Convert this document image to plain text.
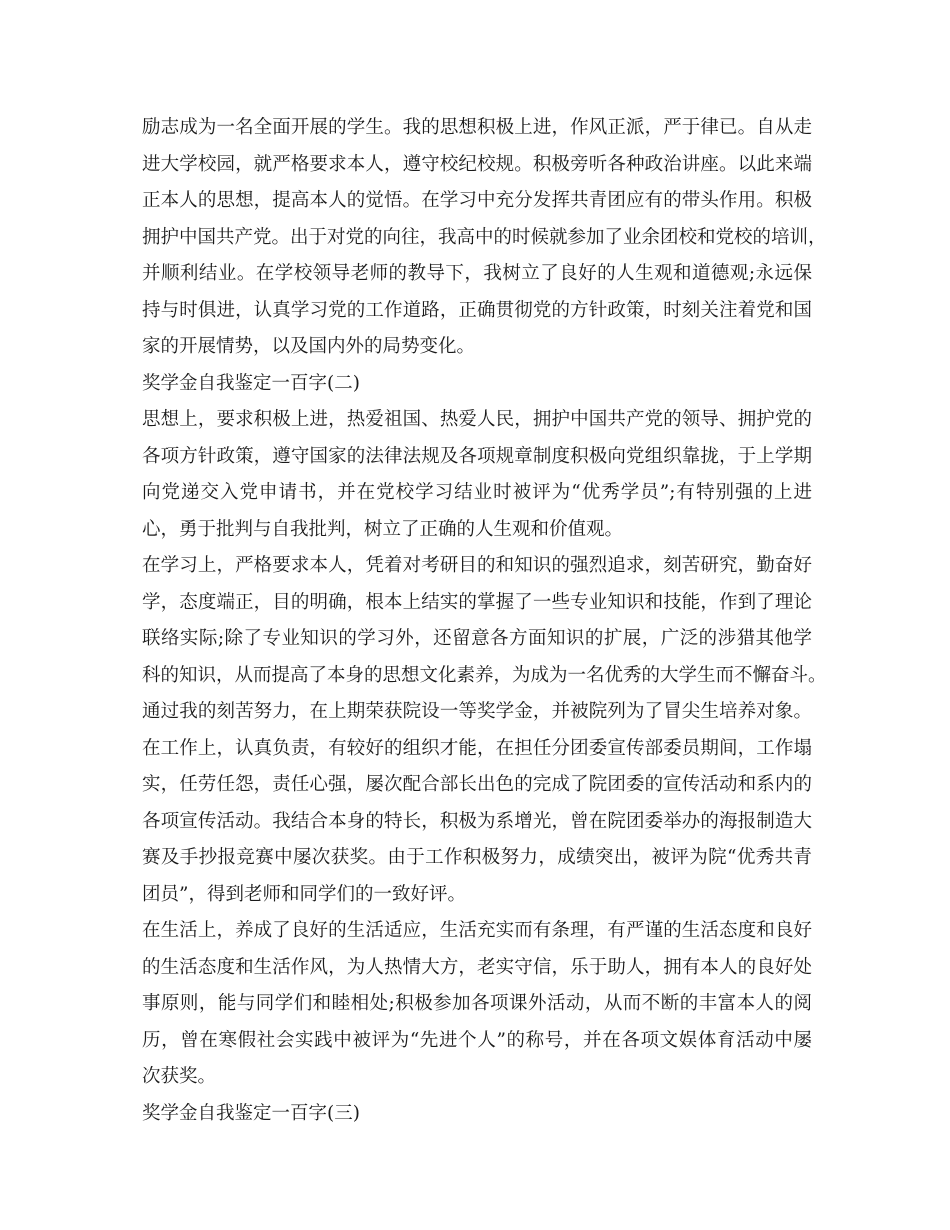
励志成为一名全面开展的学生。我的思想积极上进，作风正派，严于律已。自从走
进大学校园，就严格要求本人，遵守校纪校规。积极旁听各种政治讲座。以此来端
正本人的思想，提高本人的觉悟。在学习中充分发挥共青团应有的带头作用。积极
拥护中国共产党。出于对党的向往，我高中的时候就参加了业余团校和党校的培训，
并顺利结业。在学校领导老师的教导下，我树立了良好的人生观和道德观;永远保
持与时俱进，认真学习党的工作道路，正确贯彻党的方针政策，时刻关注着党和国
家的开展情势，以及国内外的局势变化。
奖学金自我鉴定一百字(二)
思想上，要求积极上进，热爱祖国、热爱人民，拥护中国共产党的领导、拥护党的
各项方针政策，遵守国家的法律法规及各项规章制度积极向党组织靠拢，于上学期
向党递交入党申请书，并在党校学习结业时被评为“优秀学员”;有特别强的上进
心，勇于批判与自我批判，树立了正确的人生观和价值观。
在学习上，严格要求本人，凭着对考研目的和知识的强烈追求，刻苦研究，勤奋好
学，态度端正，目的明确，根本上结实的掌握了一些专业知识和技能，作到了理论
联络实际;除了专业知识的学习外，还留意各方面知识的扩展，广泛的涉猎其他学
科的知识，从而提高了本身的思想文化素养，为成为一名优秀的大学生而不懈奋斗。
通过我的刻苦努力，在上期荣获院设一等奖学金，并被院列为了冒尖生培养对象。
在工作上，认真负责，有较好的组织才能，在担任分团委宣传部委员期间，工作塌
实，任劳任怨，责任心强，屡次配合部长出色的完成了院团委的宣传活动和系内的
各项宣传活动。我结合本身的特长，积极为系增光，曾在院团委举办的海报制造大
赛及手抄报竞赛中屡次获奖。由于工作积极努力，成绩突出，被评为院“优秀共青
团员”，得到老师和同学们的一致好评。
在生活上，养成了良好的生活适应，生活充实而有条理，有严谨的生活态度和良好
的生活态度和生活作风，为人热情大方，老实守信，乐于助人，拥有本人的良好处
事原则，能与同学们和睦相处;积极参加各项课外活动，从而不断的丰富本人的阅
历，曾在寒假社会实践中被评为“先进个人”的称号，并在各项文娱体育活动中屡
次获奖。
奖学金自我鉴定一百字(三)
